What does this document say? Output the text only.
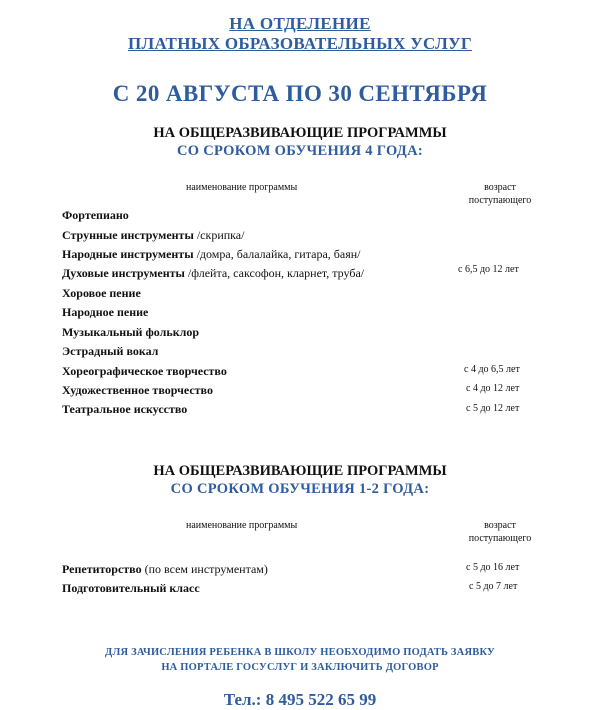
НА ОТДЕЛЕНИЕ
ПЛАТНЫХ ОБРАЗОВАТЕЛЬНЫХ УСЛУГ
С 20 АВГУСТА ПО 30 СЕНТЯБРЯ
НА ОБЩЕРАЗВИВАЮЩИЕ ПРОГРАММЫ
СО СРОКОМ ОБУЧЕНИЯ 4 ГОДА:
наименование программы	возраст
поступающего
Фортепиано
Струнные инструменты /скрипка/
Народные инструменты /домра, балалайка, гитара, баян/
Духовые инструменты /флейта, саксофон, кларнет, труба/
Хоровое пение
Народное пение
Музыкальный фольклор
Эстрадный вокал
Хореографическое творчество
Художественное творчество
Театральное искусство
с 6,5 до 12 лет
с 4 до 6,5 лет
с 4 до 12 лет
с 5 до 12 лет
НА ОБЩЕРАЗВИВАЮЩИЕ ПРОГРАММЫ
СО СРОКОМ ОБУЧЕНИЯ 1-2 ГОДА:
наименование программы	возраст
поступающего
Репетиторство (по всем инструментам)
Подготовительный класс
с 5 до 16 лет
с 5 до 7 лет
ДЛЯ ЗАЧИСЛЕНИЯ РЕБЕНКА В ШКОЛУ НЕОБХОДИМО ПОДАТЬ ЗАЯВКУ
НА ПОРТАЛЕ ГОСУСЛУГ И ЗАКЛЮЧИТЬ ДОГОВОР
Тел.: 8 495 522 65 99
